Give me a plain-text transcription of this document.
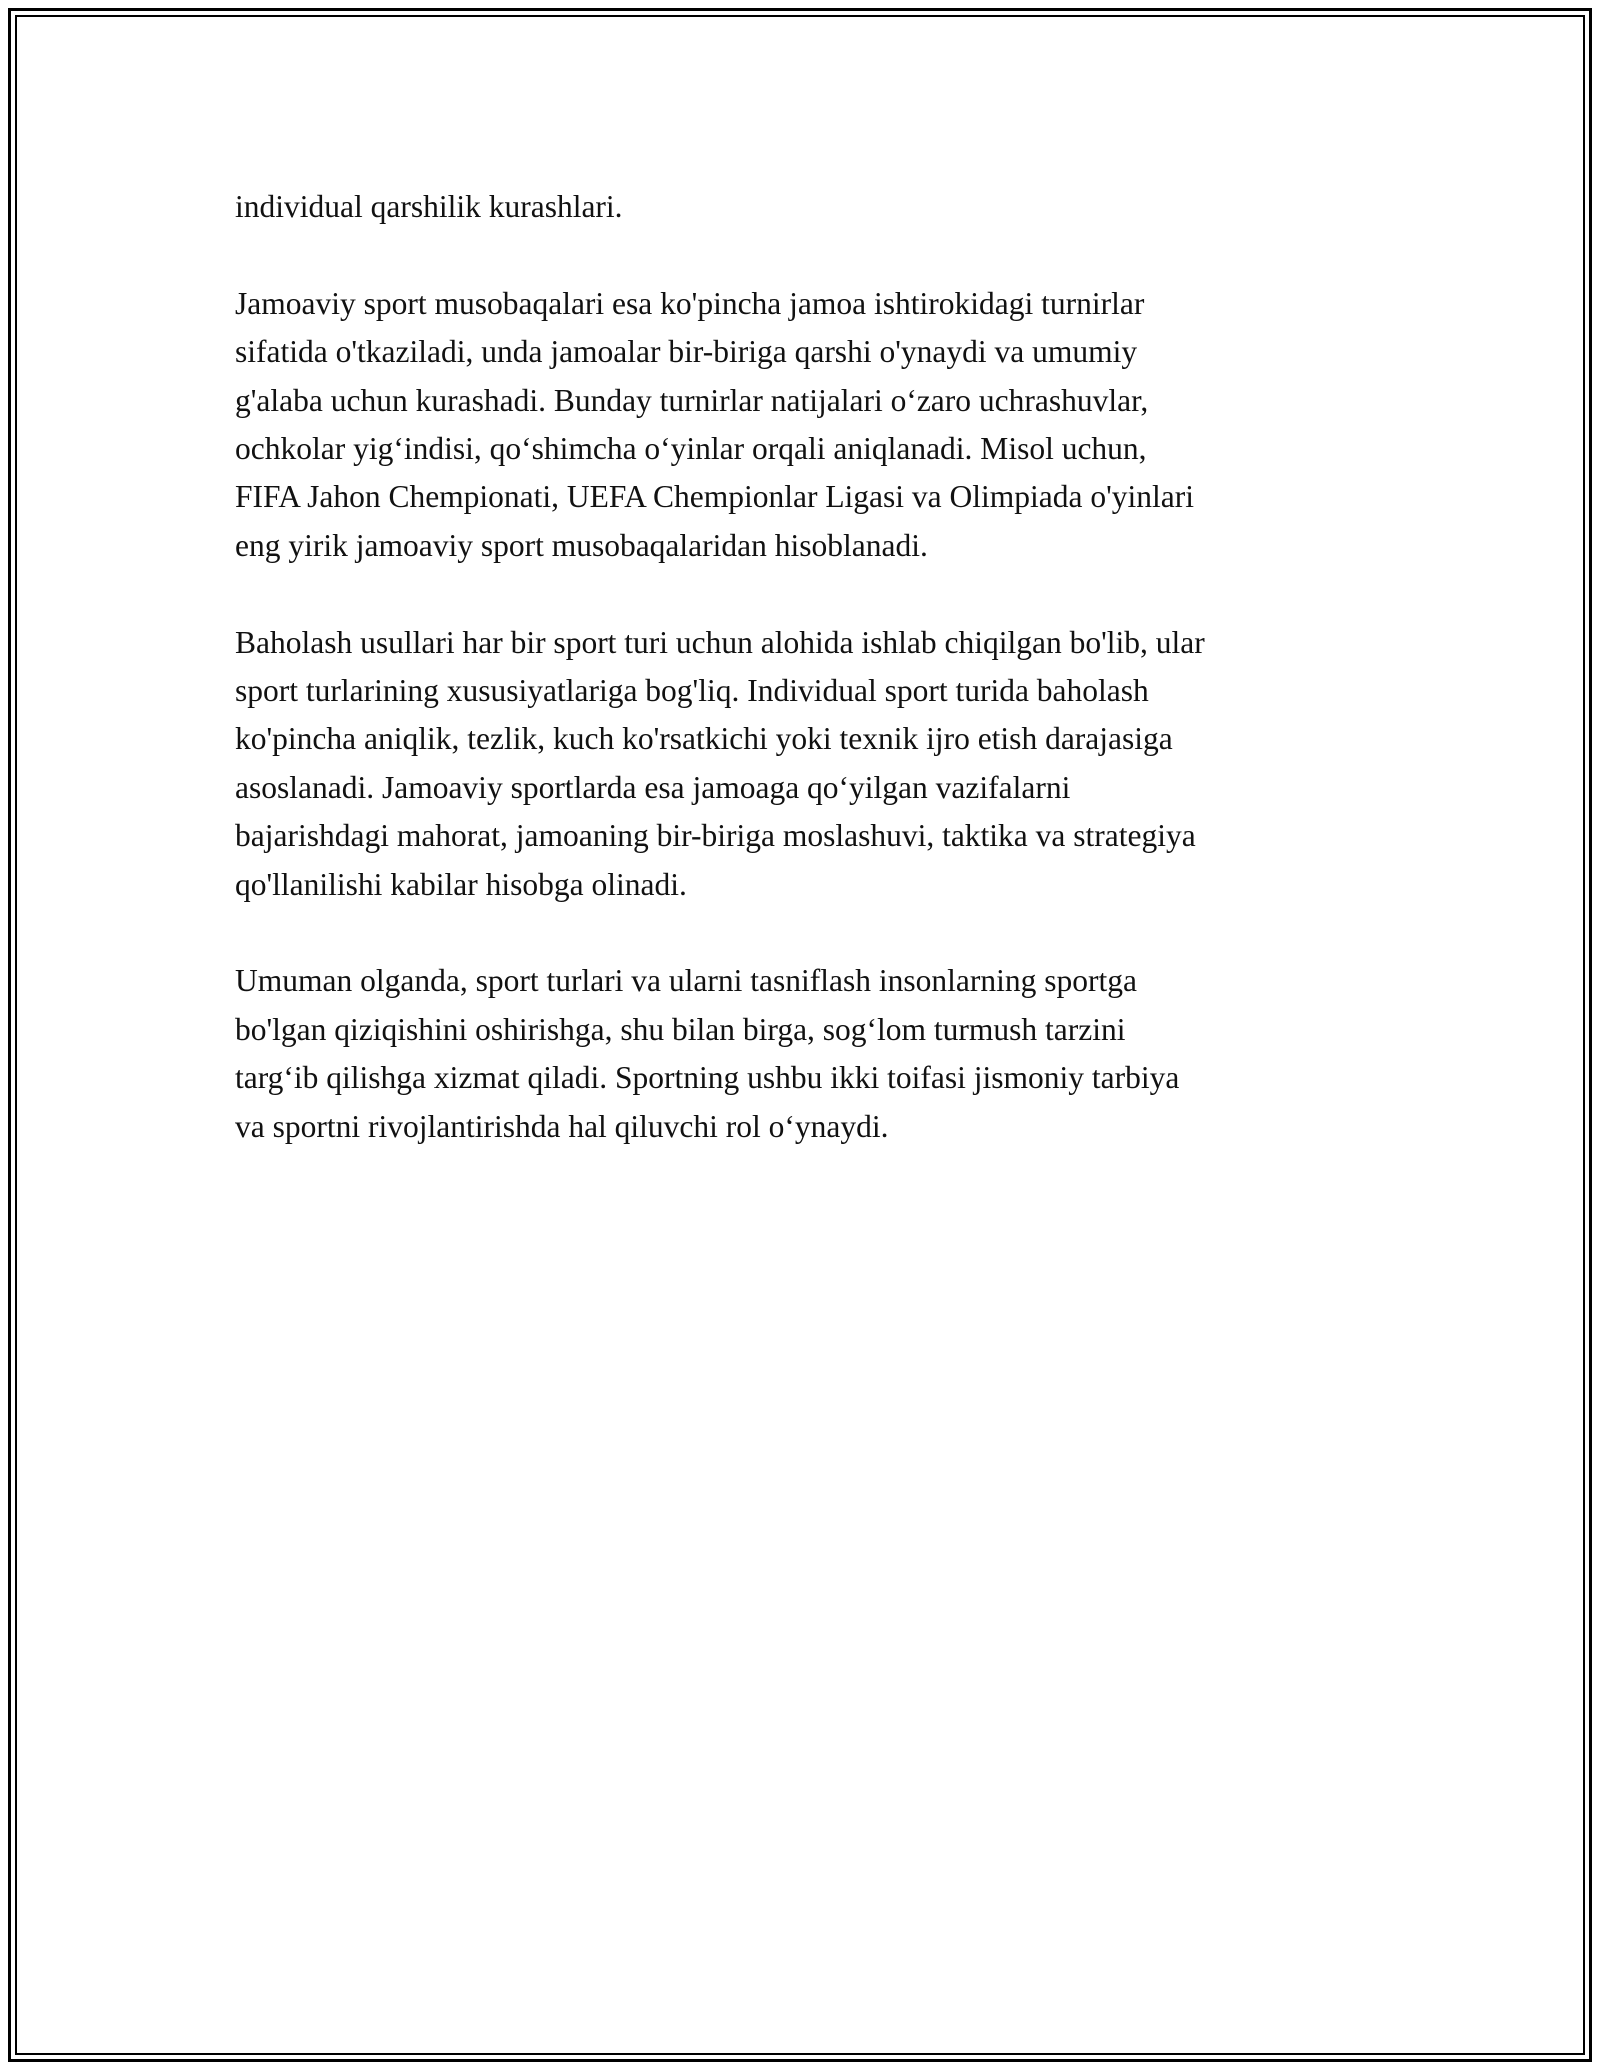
individual qarshilik kurashlari.

Jamoaviy sport musobaqalari esa ko'pincha jamoa ishtirokidagi turnirlar
sifatida o'tkaziladi, unda jamoalar bir-biriga qarshi o'ynaydi va umumiy
g'alaba uchun kurashadi. Bunday turnirlar natijalari o‘zaro uchrashuvlar,
ochkolar yig‘indisi, qo‘shimcha o‘yinlar orqali aniqlanadi. Misol uchun,
FIFA Jahon Chempionati, UEFA Chempionlar Ligasi va Olimpiada o'yinlari
eng yirik jamoaviy sport musobaqalaridan hisoblanadi.

Baholash usullari har bir sport turi uchun alohida ishlab chiqilgan bo'lib, ular
sport turlarining xususiyatlariga bog'liq. Individual sport turida baholash
ko'pincha aniqlik, tezlik, kuch ko'rsatkichi yoki texnik ijro etish darajasiga
asoslanadi. Jamoaviy sportlarda esa jamoaga qo‘yilgan vazifalarni
bajarishdagi mahorat, jamoaning bir-biriga moslashuvi, taktika va strategiya
qo'llanilishi kabilar hisobga olinadi.

Umuman olganda, sport turlari va ularni tasniflash insonlarning sportga
bo'lgan qiziqishini oshirishga, shu bilan birga, sog‘lom turmush tarzini
targ‘ib qilishga xizmat qiladi. Sportning ushbu ikki toifasi jismoniy tarbiya
va sportni rivojlantirishda hal qiluvchi rol o‘ynaydi.
